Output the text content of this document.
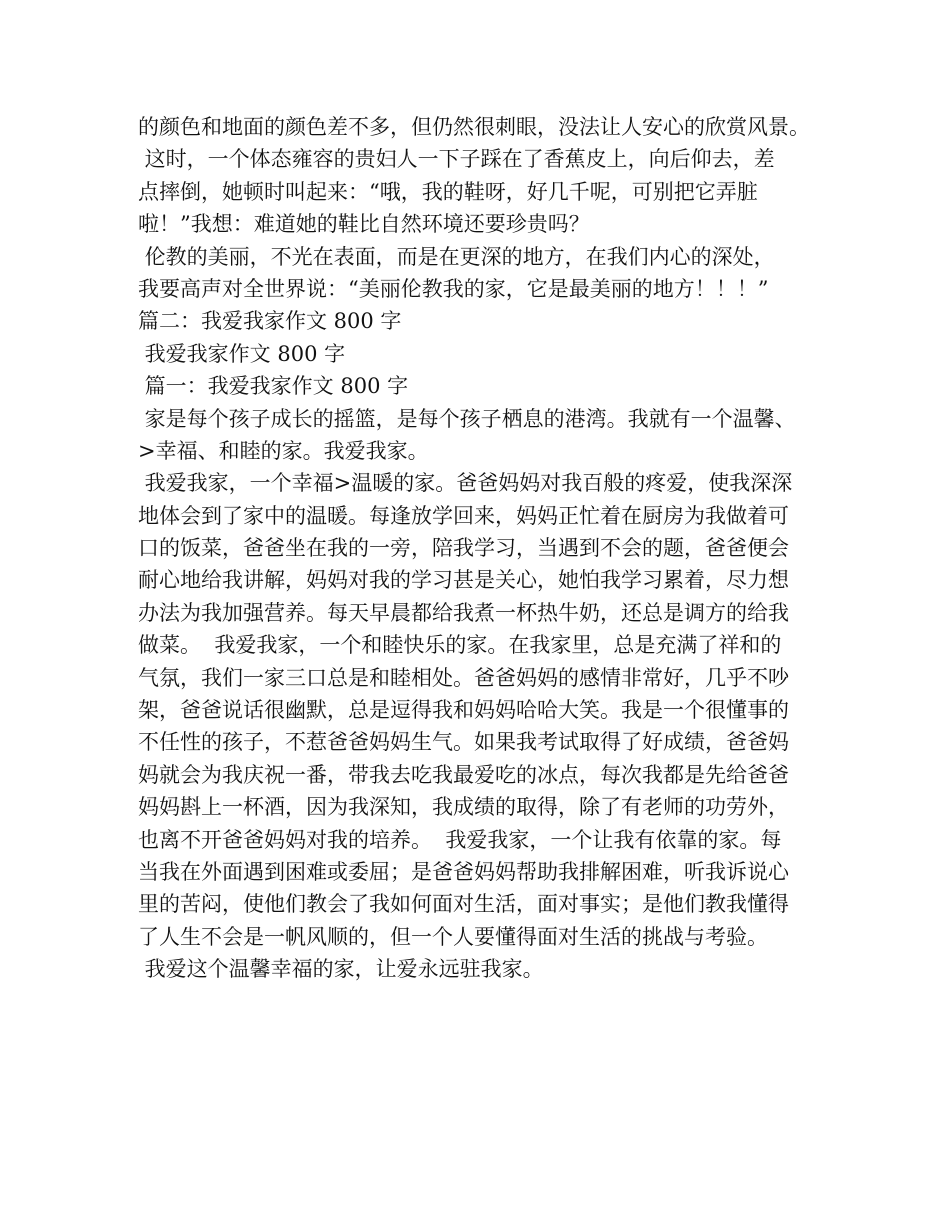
的颜色和地面的颜色差不多，但仍然很刺眼，没法让人安心的欣赏风景。
这时，一个体态雍容的贵妇人一下子踩在了香蕉皮上，向后仰去，差
点摔倒，她顿时叫起来：“哦，我的鞋呀，好几千呢，可别把它弄脏
啦！”我想：难道她的鞋比自然环境还要珍贵吗？
伦教的美丽，不光在表面，而是在更深的地方，在我们内心的深处，
我要高声对全世界说：“美丽伦教我的家，它是最美丽的地方！！！”
篇二：我爱我家作文 800 字
我爱我家作文 800 字
篇一：我爱我家作文 800 字
家是每个孩子成长的摇篮，是每个孩子栖息的港湾。我就有一个温馨、
>幸福、和睦的家。我爱我家。
我爱我家，一个幸福>温暖的家。爸爸妈妈对我百般的疼爱，使我深深
地体会到了家中的温暖。每逢放学回来，妈妈正忙着在厨房为我做着可
口的饭菜，爸爸坐在我的一旁，陪我学习，当遇到不会的题，爸爸便会
耐心地给我讲解，妈妈对我的学习甚是关心，她怕我学习累着，尽力想
办法为我加强营养。每天早晨都给我煮一杯热牛奶，还总是调方的给我
做菜。  我爱我家，一个和睦快乐的家。在我家里，总是充满了祥和的
气氛，我们一家三口总是和睦相处。爸爸妈妈的感情非常好，几乎不吵
架，爸爸说话很幽默，总是逗得我和妈妈哈哈大笑。我是一个很懂事的
不任性的孩子，不惹爸爸妈妈生气。如果我考试取得了好成绩，爸爸妈
妈就会为我庆祝一番，带我去吃我最爱吃的冰点，每次我都是先给爸爸
妈妈斟上一杯酒，因为我深知，我成绩的取得，除了有老师的功劳外，
也离不开爸爸妈妈对我的培养。  我爱我家，一个让我有依靠的家。每
当我在外面遇到困难或委屈；是爸爸妈妈帮助我排解困难，听我诉说心
里的苦闷，使他们教会了我如何面对生活，面对事实；是他们教我懂得
了人生不会是一帆风顺的，但一个人要懂得面对生活的挑战与考验。
我爱这个温馨幸福的家，让爱永远驻我家。
